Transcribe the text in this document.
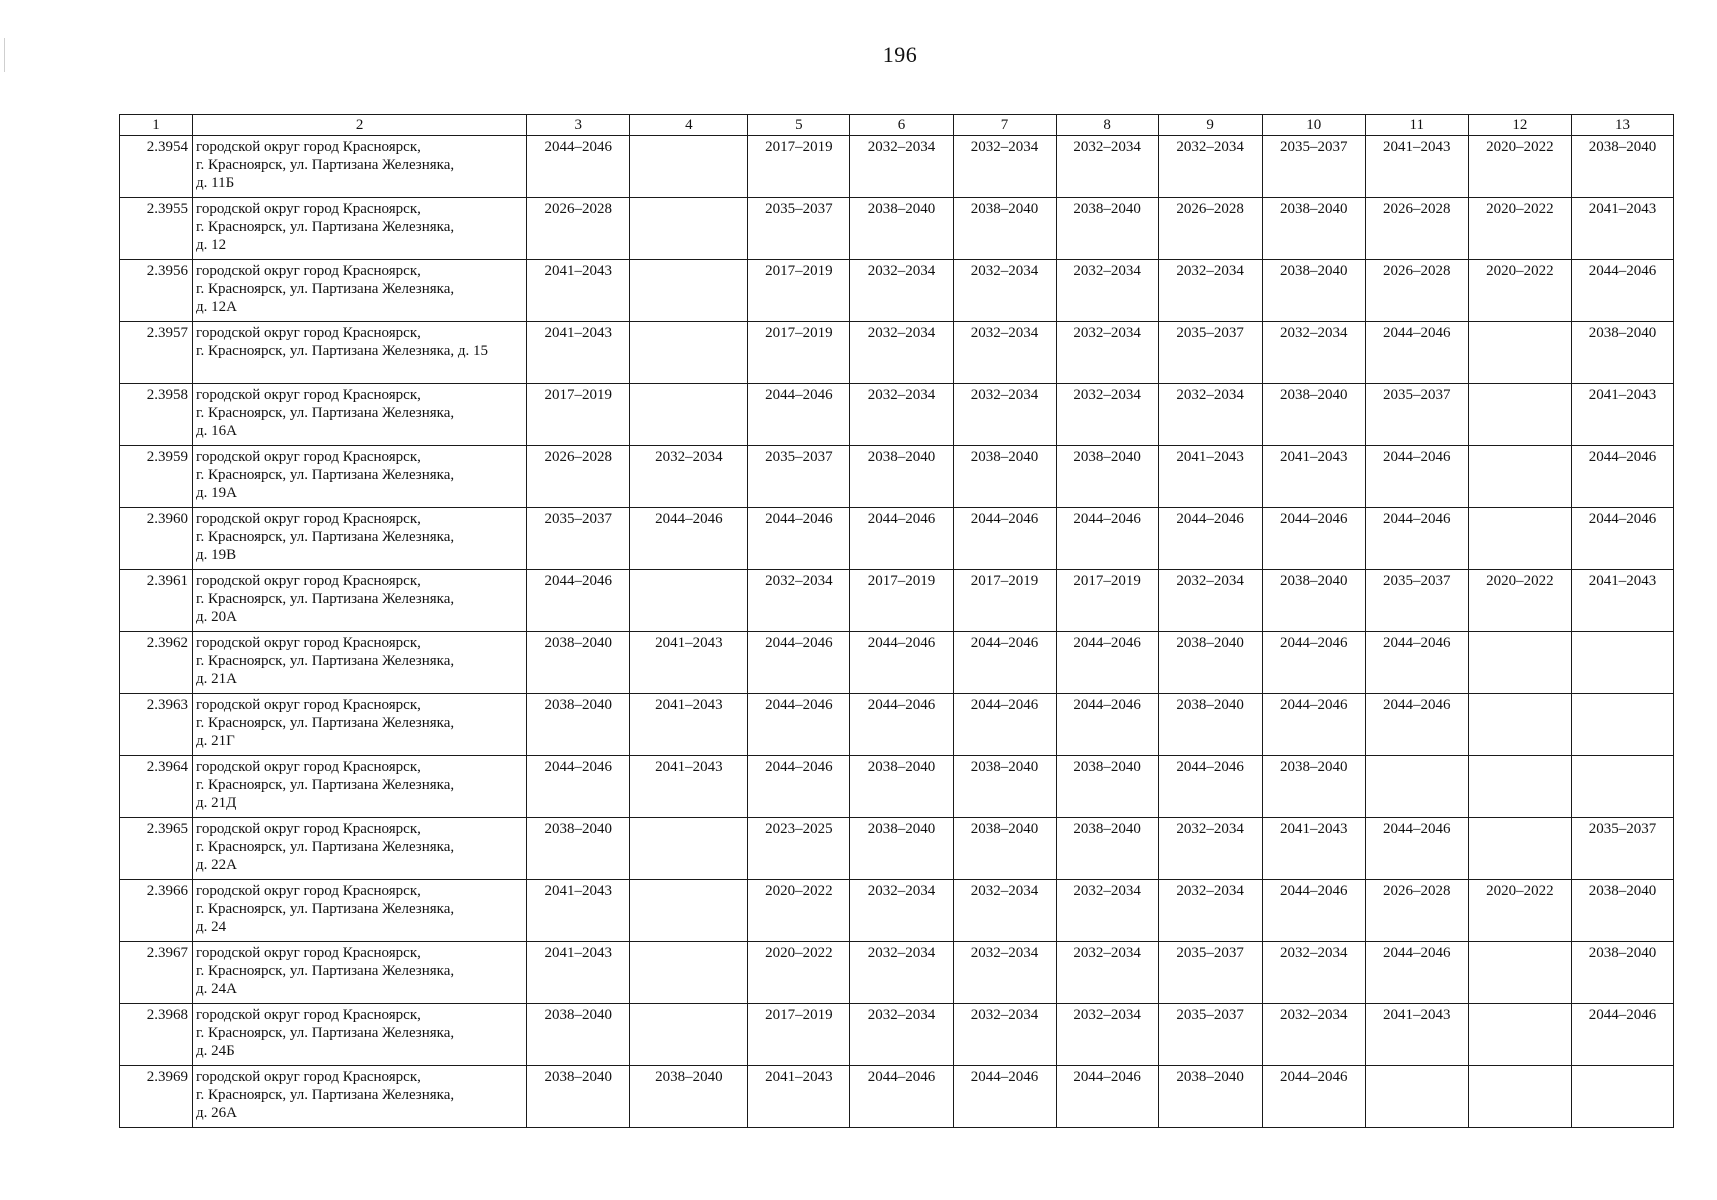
196
1	2	3	4	5	6	7	8	9	10	11	12	13
2.3954	городской округ город Красноярск,
г. Красноярск, ул. Партизана Железняка,
д. 11Б	2044–2046		2017–2019	2032–2034	2032–2034	2032–2034	2032–2034	2035–2037	2041–2043	2020–2022	2038–2040
2.3955	городской округ город Красноярск,
г. Красноярск, ул. Партизана Железняка,
д. 12	2026–2028		2035–2037	2038–2040	2038–2040	2038–2040	2026–2028	2038–2040	2026–2028	2020–2022	2041–2043
2.3956	городской округ город Красноярск,
г. Красноярск, ул. Партизана Железняка,
д. 12А	2041–2043		2017–2019	2032–2034	2032–2034	2032–2034	2032–2034	2038–2040	2026–2028	2020–2022	2044–2046
2.3957	городской округ город Красноярск,
г. Красноярск, ул. Партизана Железняка, д. 15	2041–2043		2017–2019	2032–2034	2032–2034	2032–2034	2035–2037	2032–2034	2044–2046		2038–2040
2.3958	городской округ город Красноярск,
г. Красноярск, ул. Партизана Железняка,
д. 16А	2017–2019		2044–2046	2032–2034	2032–2034	2032–2034	2032–2034	2038–2040	2035–2037		2041–2043
2.3959	городской округ город Красноярск,
г. Красноярск, ул. Партизана Железняка,
д. 19А	2026–2028	2032–2034	2035–2037	2038–2040	2038–2040	2038–2040	2041–2043	2041–2043	2044–2046		2044–2046
2.3960	городской округ город Красноярск,
г. Красноярск, ул. Партизана Железняка,
д. 19В	2035–2037	2044–2046	2044–2046	2044–2046	2044–2046	2044–2046	2044–2046	2044–2046	2044–2046		2044–2046
2.3961	городской округ город Красноярск,
г. Красноярск, ул. Партизана Железняка,
д. 20А	2044–2046		2032–2034	2017–2019	2017–2019	2017–2019	2032–2034	2038–2040	2035–2037	2020–2022	2041–2043
2.3962	городской округ город Красноярск,
г. Красноярск, ул. Партизана Железняка,
д. 21А	2038–2040	2041–2043	2044–2046	2044–2046	2044–2046	2044–2046	2038–2040	2044–2046	2044–2046		
2.3963	городской округ город Красноярск,
г. Красноярск, ул. Партизана Железняка,
д. 21Г	2038–2040	2041–2043	2044–2046	2044–2046	2044–2046	2044–2046	2038–2040	2044–2046	2044–2046		
2.3964	городской округ город Красноярск,
г. Красноярск, ул. Партизана Железняка,
д. 21Д	2044–2046	2041–2043	2044–2046	2038–2040	2038–2040	2038–2040	2044–2046	2038–2040			
2.3965	городской округ город Красноярск,
г. Красноярск, ул. Партизана Железняка,
д. 22А	2038–2040		2023–2025	2038–2040	2038–2040	2038–2040	2032–2034	2041–2043	2044–2046		2035–2037
2.3966	городской округ город Красноярск,
г. Красноярск, ул. Партизана Железняка,
д. 24	2041–2043		2020–2022	2032–2034	2032–2034	2032–2034	2032–2034	2044–2046	2026–2028	2020–2022	2038–2040
2.3967	городской округ город Красноярск,
г. Красноярск, ул. Партизана Железняка,
д. 24А	2041–2043		2020–2022	2032–2034	2032–2034	2032–2034	2035–2037	2032–2034	2044–2046		2038–2040
2.3968	городской округ город Красноярск,
г. Красноярск, ул. Партизана Железняка,
д. 24Б	2038–2040		2017–2019	2032–2034	2032–2034	2032–2034	2035–2037	2032–2034	2041–2043		2044–2046
2.3969	городской округ город Красноярск,
г. Красноярск, ул. Партизана Железняка,
д. 26А	2038–2040	2038–2040	2041–2043	2044–2046	2044–2046	2044–2046	2038–2040	2044–2046			
